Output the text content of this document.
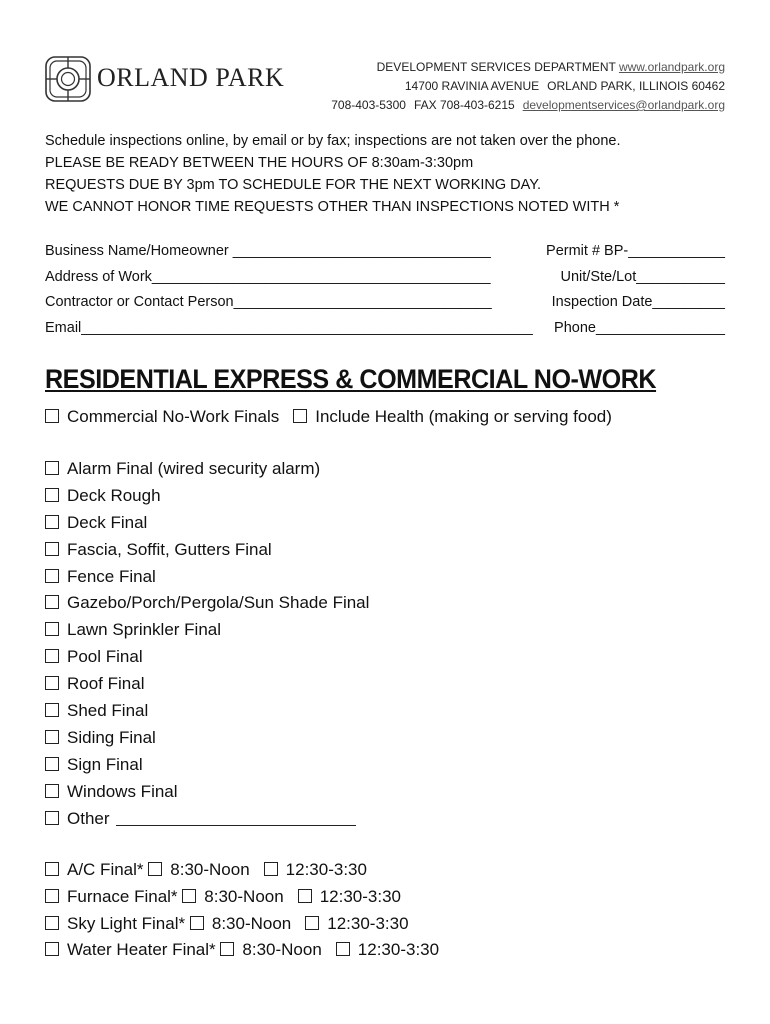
ORLAND PARK	DEVELOPMENT SERVICES DEPARTMENT www.orlandpark.org
14700 RAVINIA AVENUE ORLAND PARK, ILLINOIS 60462
708-403-5300 FAX 708-403-6215 developmentservices@orlandpark.org
Schedule inspections online, by email or by fax; inspections are not taken over the phone.
PLEASE BE READY BETWEEN THE HOURS OF 8:30am-3:30pm
REQUESTS DUE BY 3pm TO SCHEDULE FOR THE NEXT WORKING DAY.
WE CANNOT HONOR TIME REQUESTS OTHER THAN INSPECTIONS NOTED WITH *
Business Name/Homeowner ________________________________	Permit # BP-____________
Address of Work__________________________________________	Unit/Ste/Lot___________
Contractor or Contact Person________________________________	Inspection Date_________
Email________________________________________________________ Phone________________
RESIDENTIAL EXPRESS & COMMERCIAL NO-WORK
Commercial No-Work Finals Include Health (making or serving food)
Alarm Final (wired security alarm)
Deck Rough
Deck Final
Fascia, Soffit, Gutters Final
Fence Final
Gazebo/Porch/Pergola/Sun Shade Final
Lawn Sprinkler Final
Pool Final
Roof Final
Shed Final
Siding Final
Sign Final
Windows Final
Other
A/C Final* 8:30-Noon 12:30-3:30
Furnace Final* 8:30-Noon 12:30-3:30
Sky Light Final* 8:30-Noon 12:30-3:30
Water Heater Final* 8:30-Noon 12:30-3:30
